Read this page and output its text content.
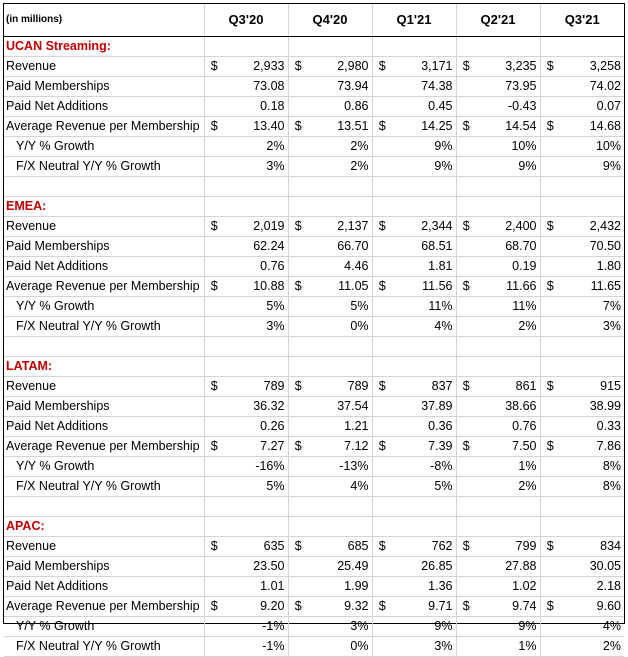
(in millions)	Q3'20		Q4'20		Q1'21		Q2'21		Q3'21	
UCAN Streaming:										
Revenue	$	2,933	$	2,980	$	3,171	$	3,235	$	3,258
Paid Memberships		73.08		73.94		74.38		73.95		74.02
Paid Net Additions		0.18		0.86		0.45		-0.43		0.07
Average Revenue per Membership	$	13.40	$	13.51	$	14.25	$	14.54	$	14.68
Y/Y % Growth		2%		2%		9%		10%		10%
F/X Neutral Y/Y % Growth		3%		2%		9%		9%		9%

EMEA:										
Revenue	$	2,019	$	2,137	$	2,344	$	2,400	$	2,432
Paid Memberships		62.24		66.70		68.51		68.70		70.50
Paid Net Additions		0.76		4.46		1.81		0.19		1.80
Average Revenue per Membership	$	10.88	$	11.05	$	11.56	$	11.66	$	11.65
Y/Y % Growth		5%		5%		11%		11%		7%
F/X Neutral Y/Y % Growth		3%		0%		4%		2%		3%

LATAM:										
Revenue	$	789	$	789	$	837	$	861	$	915
Paid Memberships		36.32		37.54		37.89		38.66		38.99
Paid Net Additions		0.26		1.21		0.36		0.76		0.33
Average Revenue per Membership	$	7.27	$	7.12	$	7.39	$	7.50	$	7.86
Y/Y % Growth		-16%		-13%		-8%		1%		8%
F/X Neutral Y/Y % Growth		5%		4%		5%		2%		8%

APAC:										
Revenue	$	635	$	685	$	762	$	799	$	834
Paid Memberships		23.50		25.49		26.85		27.88		30.05
Paid Net Additions		1.01		1.99		1.36		1.02		2.18
Average Revenue per Membership	$	9.20	$	9.32	$	9.71	$	9.74	$	9.60
Y/Y % Growth		-1%		3%		9%		9%		4%
F/X Neutral Y/Y % Growth		-1%		0%		3%		1%		2%
